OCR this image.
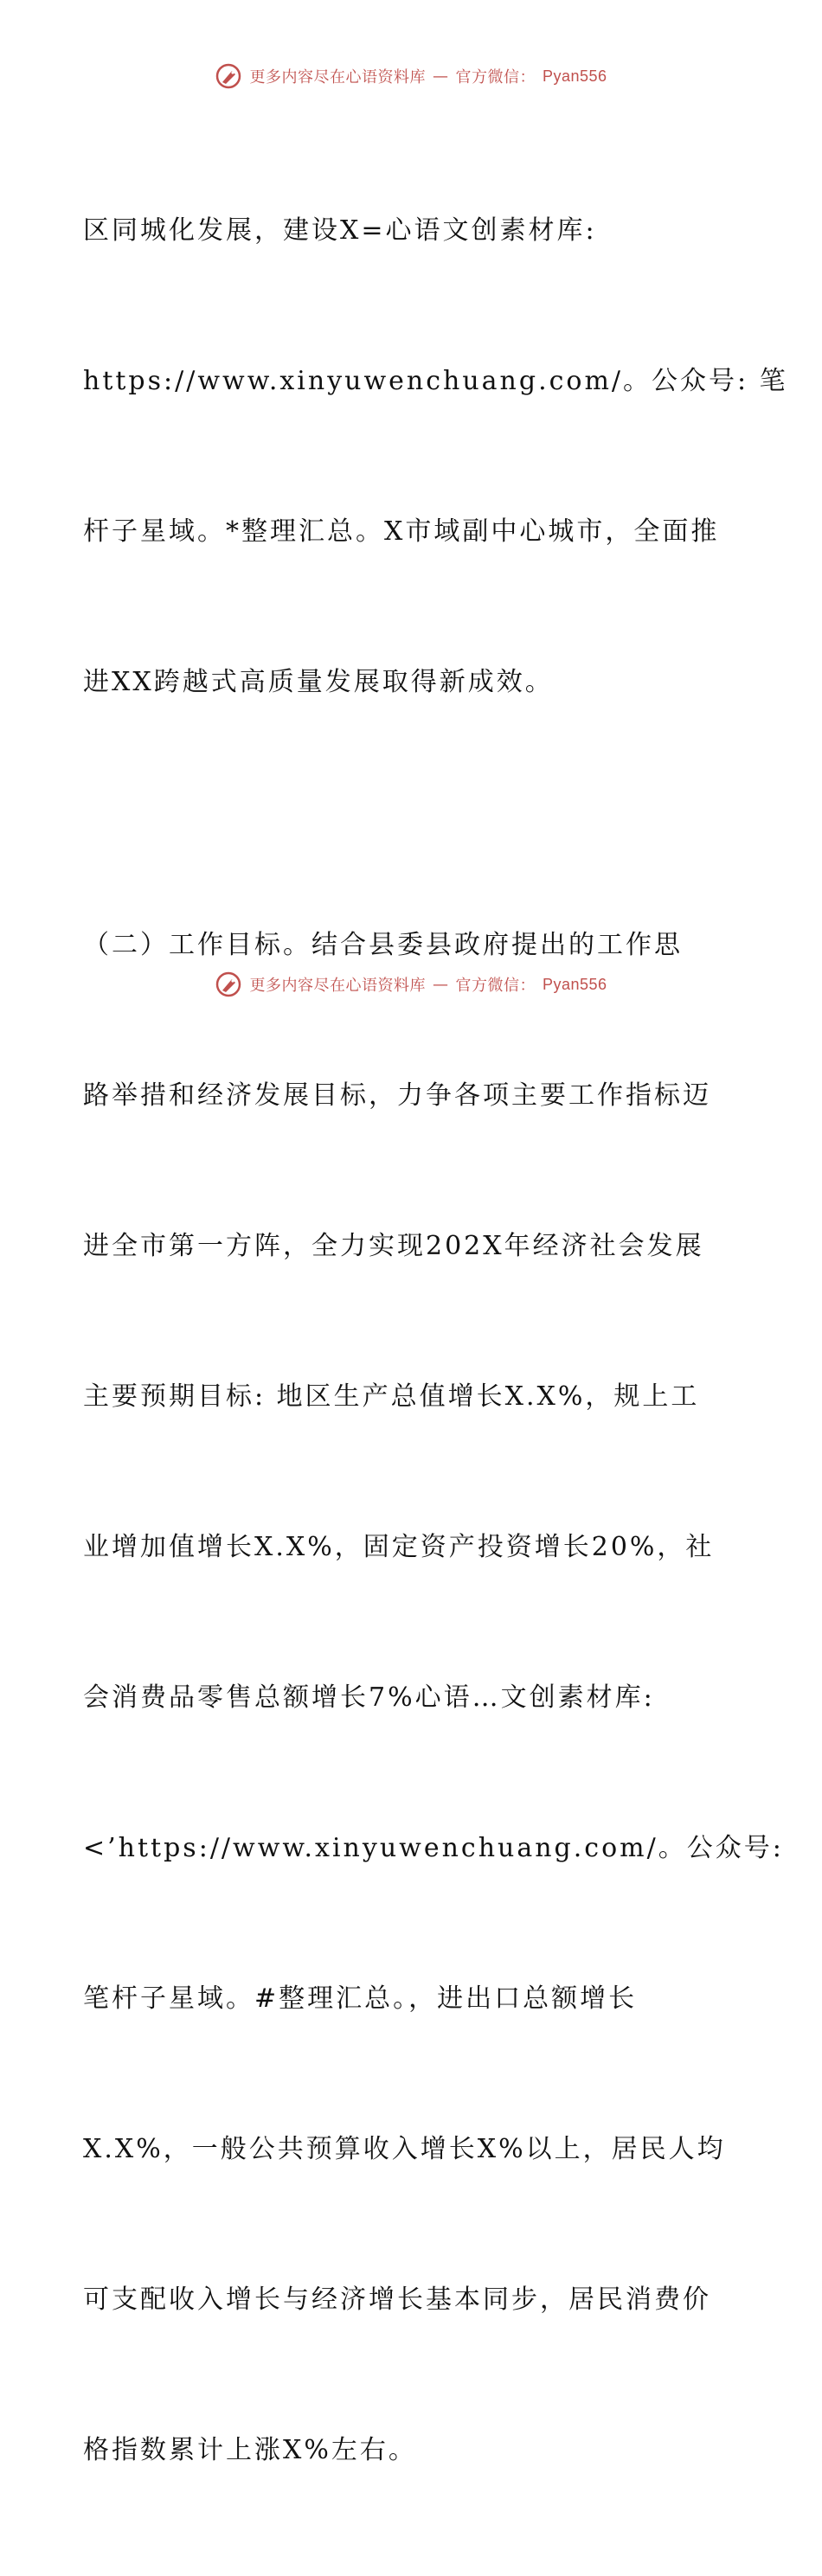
更多内容尽在心语资料库 — 官方微信： Pyan556

区同城化发展，建设X=心语文创素材库:

https://www.xinyuwenchuang.com/。公众号: 笔

杆子星域。*整理汇总。X市域副中心城市，全面推

进XX跨越式高质量发展取得新成效。

（二）工作目标。结合县委县政府提出的工作思

路举措和经济发展目标，力争各项主要工作指标迈

进全市第一方阵，全力实现202X年经济社会发展

主要预期目标: 地区生产总值增长X.X%，规上工

业增加值增长X.X%，固定资产投资增长20%，社

会消费品零售总额增长7%心语…文创素材库:

<’https://www.xinyuwenchuang.com/。公众号:

笔杆子星域。#整理汇总。，进出口总额增长

X.X%，一般公共预算收入增长X%以上，居民人均

可支配收入增长与经济增长基本同步，居民消费价

格指数累计上涨X%左右。

更多内容尽在心语资料库 — 官方微信： Pyan556
